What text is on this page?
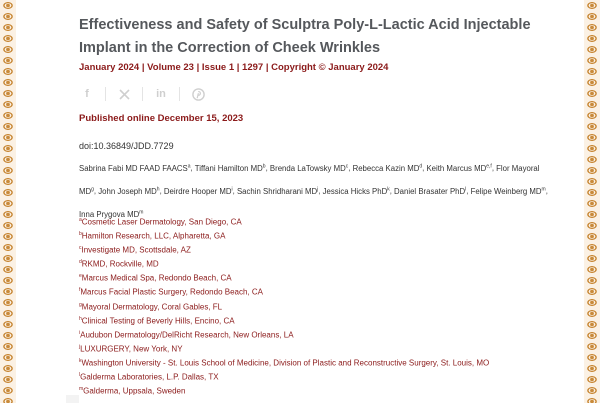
Effectiveness and Safety of Sculptra Poly-L-Lactic Acid Injectable Implant in the Correction of Cheek Wrinkles
January 2024 | Volume 23 | Issue 1 | 1297 | Copyright © January 2024
f	in
Published online December 15, 2023
doi:10.36849/JDD.7729
Sabrina Fabi MD FAAD FAACS$^a$, Tiffani Hamilton $MD^b$, Brenda LaTowsky $MD^c$, Rebecca Kazin $MD^d$, Keith Marcus MD$^{e,f}$, Flor Mayoral $MD^g$, John Joseph $MD^h$, Deirdre Hooper $MD^i$, Sachin Shridharani $MD^j$, Jessica Hicks PhD$^k$, Daniel Brasater PhD$^l$, Felipe Weinberg $MD^m$, Inna Prygova $MD^m$
$^a$Cosmetic Laser Dermatology, San Diego, CA
$^b$Hamilton Research, LLC, Alpharetta, GA
$^c$Investigate MD, Scottsdale, AZ
$^d$RKMD, Rockville, MD
$^e$Marcus Medical Spa, Redondo Beach, CA
$^f$Marcus Facial Plastic Surgery, Redondo Beach, CA
$^g$Mayoral Dermatology, Coral Gables, FL
$^h$Clinical Testing of Beverly Hills, Encino, CA
$^i$Audubon Dermatology/DelRicht Research, New Orleans, LA
$^j$LUXURGERY, New York, NY
$^k$Washington University - St. Louis School of Medicine, Division of Plastic and Reconstructive Surgery, St. Louis, MO
$^l$Galderma Laboratories, L.P. Dallas, TX
$^m$Galderma, Uppsala, Sweden
